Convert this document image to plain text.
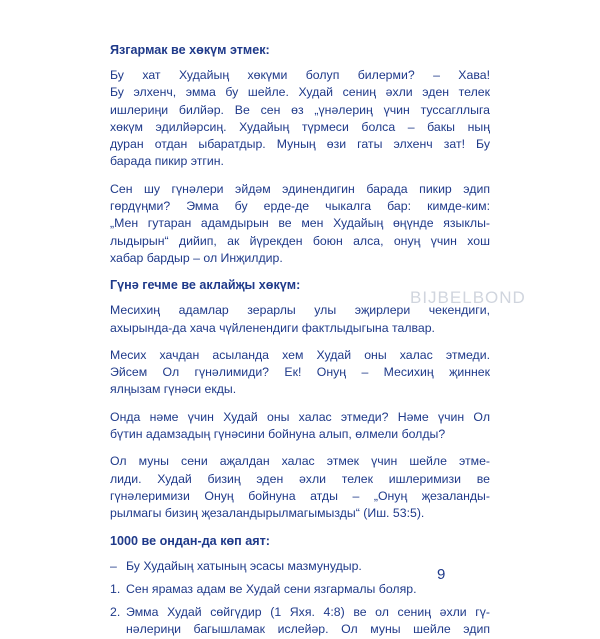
Язгармак ве хөкүм этмек:
Бу хат Худайың хөкүми болуп билерми? – Хава!
Бу элхенч, эмма бу шейле. Худай сениң әхли эден телек
ишлериңи билйәр. Ве сен өз „үнәлериң үчин туссагллыга
хөкүм эдилйәрсиң. Худайың түрмеси болса – бакы ның
дуран отдан ыбаратдыр. Муның өзи гаты элхенч зат! Бу
барада пикир этгин.
Сен шу гүнәлери эйдәм эдинендигин барада пикир эдип
гөрдүңми? Эмма бу ерде-де чыкалга бар: кимде-ким:
„Мен гутаран адамдырын ве мен Худайың өңүнде языклы-
лыдырын“ дийип, ак йүрекден боюн алса, онуң үчин хош
хабар бардыр – ол Инҗилдир.
Гүнә гечме ве аклайҗы хөкүм:
Месихиң адамлар зерарлы улы эҗирлери чекендиги,
ахырында-да хача чүйленендиги фактлыдыгына талвар.
Месих хачдан асыланда хем Худай оны халас этмеди.
Эйсем Ол гүнәлимиди? Ек! Онуң – Месихиң җиннек
ялңызам гүнәси екды.
Онда нәме үчин Худай оны халас этмеди? Нәме үчин Ол
бүтин адамзадың гүнәсини бойнуна алып, өлмели болды?
Ол муны сени аҗалдан халас этмек үчин шейле этме-
лиди. Худай бизиң эден әхли телек ишлеримизи ве
гүнәлеримизи Онуң бойнуна атды – „Онуң җезаланды-
рылмагы бизиң җезаландырылмагымызды“ (Иш. 53:5).
1000 ве ондан-да көп аят:
– Бу Худайың хатының эсасы мазмунудыр.
1. Сен ярамаз адам ве Худай сени язгармалы боляр.
2. Эмма Худай сөйгүдир (1 Яхя. 4:8) ве ол сениң әхли гү-
нәлериңи багышламак ислейәр. Ол муны шейле эдип
BIJBELBOND
9
